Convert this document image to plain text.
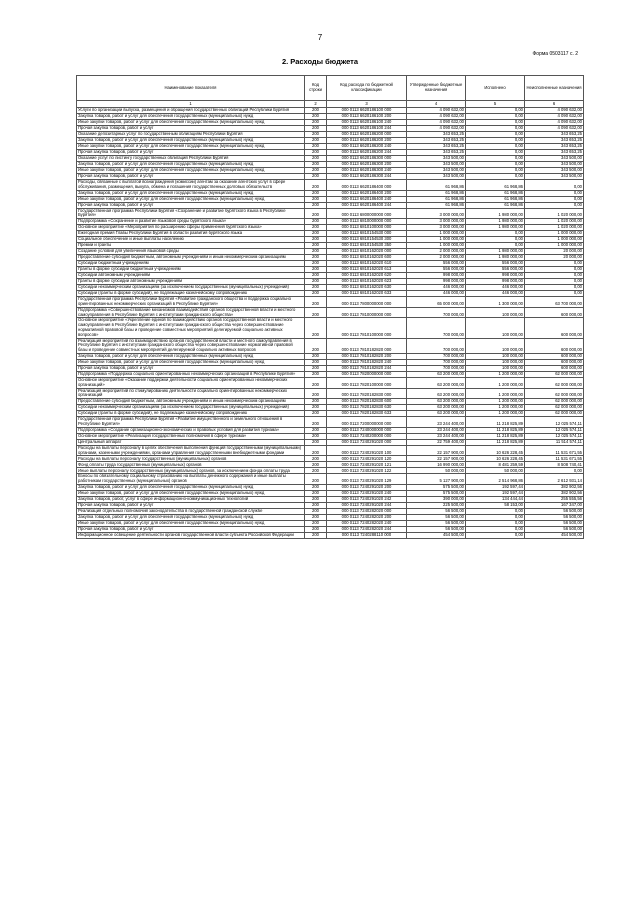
7
Форма 0503117 с. 2
2. Расходы бюджета
Наименование показателя	Код строки	Код расхода по бюджетной классификации	Утвержденные бюджетные назначения	Исполнено	Неисполненные назначения
1	2	3	4	5	6
Услуги по организации выпуска, размещения и обращения государственных облигаций Республики Бурятия	200	000 0113 6620186100 000	4 090 632,00	0,00	4 090 632,00
Закупка товаров, работ и услуг для обеспечения государственных (муниципальных) нужд	200	000 0113 6620186100 200	4 090 632,00	0,00	4 090 632,00
Иные закупки товаров, работ и услуг для обеспечения государственных (муниципальных) нужд	200	000 0113 6620186100 240	4 090 632,00	0,00	4 090 632,00
Прочая закупка товаров, работ и услуг	200	000 0113 6620186100 244	4 090 632,00	0,00	4 090 632,00
Оказание депозитарных услуг по государственным облигациям Республики Бурятия	200	000 0113 6620186200 000	343 653,25	0,00	343 653,25
Закупка товаров, работ и услуг для обеспечения государственных (муниципальных) нужд	200	000 0113 6620186200 200	343 653,25	0,00	343 653,25
Иные закупки товаров, работ и услуг для обеспечения государственных (муниципальных) нужд	200	000 0113 6620186200 240	343 653,25	0,00	343 653,25
Прочая закупка товаров, работ и услуг	200	000 0113 6620186200 244	343 653,25	0,00	343 653,25
Оказание услуг по листингу государственных облигаций Республики Бурятия	200	000 0113 6620186300 000	343 500,00	0,00	343 500,00
Закупка товаров, работ и услуг для обеспечения государственных (муниципальных) нужд	200	000 0113 6620186300 200	343 500,00	0,00	343 500,00
Иные закупки товаров, работ и услуг для обеспечения государственных (муниципальных) нужд	200	000 0113 6620186300 240	343 500,00	0,00	343 500,00
Прочая закупка товаров, работ и услуг	200	000 0113 6620186300 244	343 500,00	0,00	343 500,00
Расходы, связанные с выплатой вознаграждения (комиссии) агентам за оказание агентских услуг в сфере обслуживания, размещения, выкупа, обмена и погашения государственных долговых обязательств	200	000 0113 6620186400 000	61 968,86	61 968,86	0,00
Закупка товаров, работ и услуг для обеспечения государственных (муниципальных) нужд	200	000 0113 6620186400 200	61 968,86	61 968,86	0,00
Иные закупки товаров, работ и услуг для обеспечения государственных (муниципальных) нужд	200	000 0113 6620186400 240	61 968,86	61 968,86	0,00
Прочая закупка товаров, работ и услуг	200	000 0113 6620186400 244	61 968,86	61 968,86	0,00
Государственная программа Республики Бурятия «Сохранение и развитие бурятского языка в Республике Бурятия»	200	000 0113 6800000000 000	3 000 000,00	1 980 000,00	1 020 000,00
Подпрограмма «Сохранение и развитие языковой среды бурятского языка»	200	000 0113 6810000000 000	3 000 000,00	1 980 000,00	1 020 000,00
Основное мероприятие «Мероприятия по расширению сферы применения бурятского языка»	200	000 0113 6810100000 000	3 000 000,00	1 980 000,00	1 020 000,00
Ежегодная премия Главы Республики Бурятия в области развития бурятского языка	200	000 0113 6810154530 000	1 000 000,00	0,00	1 000 000,00
Социальное обеспечение и иные выплаты населению	200	000 0113 6810154530 300	1 000 000,00	0,00	1 000 000,00
Премии и гранты	200	000 0113 6810154530 350	1 000 000,00	0,00	1 000 000,00
Создание условий для увеличения языковой среды	200	000 0113 6810162020 000	2 000 000,00	1 980 000,00	20 000,00
Предоставление субсидий бюджетным, автономным учреждениям и иным некоммерческим организациям	200	000 0113 6810162020 600	2 000 000,00	1 980 000,00	20 000,00
Субсидии бюджетным учреждениям	200	000 0113 6810162020 610	556 000,00	556 000,00	0,00
Гранты в форме субсидии бюджетным учреждениям	200	000 0113 6810162020 613	556 000,00	556 000,00	0,00
Субсидии автономным учреждениям	200	000 0113 6810162020 620	998 000,00	998 000,00	0,00
Гранты в форме субсидии автономным учреждениям	200	000 0113 6810162020 623	998 000,00	998 000,00	0,00
Субсидии некоммерческим организациям (за исключением государственных (муниципальных) учреждений)	200	000 0113 6810162020 630	446 000,00	446 000,00	0,00
Субсидии (гранты в форме субсидий), не подлежащие казначейскому сопровождению	200	000 0113 6810162020 633	446 000,00	446 000,00	0,00
Государственная программа Республики Бурятия «Развитие гражданского общества и поддержка социально ориентированных некоммерческих организаций в Республике Бурятия»	200	000 0113 7800000000 000	65 000 000,00	1 300 000,00	63 700 000,00
Подпрограмма «Совершенствование механизмов взаимодействия органов государственной власти и местного самоуправления в Республике Бурятия с институтами гражданского общества»	200	000 0113 7810000000 000	700 000,00	100 000,00	600 000,00
Основное мероприятие «Укрепление единой по взаимодействию органов государственной власти и местного самоуправления в Республике Бурятия с институтами гражданского общества через совершенствование нормативной правовой базы и проведение совместных мероприятий делегируемой социально активных вопросов»	200	000 0113 7810100000 000	700 000,00	100 000,00	600 000,00
Реализация мероприятий по взаимодействию органов государственной власти и местного самоуправления в Республике Бурятия с институтами гражданского общества через совершенствование нормативной правовой базы и проведение совместных мероприятий делегируемой социально активных вопросов	200	000 0113 7810182820 000	700 000,00	100 000,00	600 000,00
Закупка товаров, работ и услуг для обеспечения государственных (муниципальных) нужд	200	000 0113 7810182820 200	700 000,00	100 000,00	600 000,00
Иные закупки товаров, работ и услуг для обеспечения государственных (муниципальных) нужд	200	000 0113 7810182820 240	700 000,00	100 000,00	600 000,00
Прочая закупка товаров, работ и услуг	200	000 0113 7810182820 244	700 000,00	100 000,00	600 000,00
Подпрограмма «Поддержка социально ориентированных некоммерческих организаций в Республике Бурятия»	200	000 0113 7820000000 000	63 200 000,00	1 200 000,00	62 000 000,00
Основное мероприятие «Оказание поддержки деятельности социально ориентированных некоммерческих организаций»	200	000 0113 7820100000 000	63 200 000,00	1 200 000,00	62 000 000,00
Реализация мероприятий по стимулированию деятельности социально ориентированных некоммерческих организаций	200	000 0113 7820182830 000	63 200 000,00	1 200 000,00	62 000 000,00
Предоставление субсидий бюджетным, автономным учреждениям и иным некоммерческим организациям	200	000 0113 7820182830 600	63 200 000,00	1 200 000,00	62 000 000,00
Субсидии некоммерческим организациям (за исключением государственных (муниципальных) учреждений)	200	000 0113 7820182830 630	63 200 000,00	1 200 000,00	62 000 000,00
Субсидии (гранты в форме субсидий), не подлежащие казначейскому сопровождению	200	000 0113 7820182830 633	63 200 000,00	1 200 000,00	62 000 000,00
Государственная программа Республики Бурятия «Развитие имущественного и земельного отношений в Республике Бурятия»	200	000 0113 7200000000 000	23 244 400,00	11 218 825,89	12 025 574,11
Подпрограмма «Создание организационно-экономических и правовых условий для развития туризма»	200	000 0113 7240000000 000	23 244 400,00	11 218 825,89	12 025 574,11
Основное мероприятие «Реализация государственных полномочий в сфере туризма»	200	000 0113 7240200000 000	23 244 400,00	11 218 825,89	12 025 574,11
Центральный аппарат	200	000 0113 7240291020 000	22 759 400,00	11 218 825,89	11 514 574,11
Расходы на выплаты персоналу в целях обеспечения выполнения функций государственными (муниципальными) органами, казенными учреждениями, органами управления государственными внебюджетными фондами	200	000 0113 7240291020 100	22 157 900,00	10 626 228,45	11 531 671,55
Расходы на выплаты персоналу государственных (муниципальных) органов	200	000 0113 7240291020 120	22 157 900,00	10 626 228,45	11 531 671,55
Фонд оплаты труда государственных (муниципальных) органов	200	000 0113 7240291020 121	16 990 000,00	8 481 259,59	8 508 740,41
Иные выплаты персоналу государственных (муниципальных) органов, за исключением фонда оплаты труда	200	000 0113 7240291020 122	50 000,00	50 000,00	0,00
Взносы по обязательному социальному страхованию на выплаты денежного содержания и иные выплаты работникам государственных (муниципальных) органов	200	000 0113 7240291020 129	5 127 900,00	2 514 968,86	2 612 931,14
Закупка товаров, работ и услуг для обеспечения государственных (муниципальных) нужд	200	000 0113 7240291020 200	575 500,00	192 597,44	382 902,56
Иные закупки товаров, работ и услуг для обеспечения государственных (муниципальных) нужд	200	000 0113 7240291020 240	575 500,00	192 597,44	382 902,56
Закупка товаров, работ, услуг в сфере информационно-коммуникационных технологий	200	000 0113 7240291020 242	390 000,00	134 444,44	255 555,56
Прочая закупка товаров, работ и услуг	200	000 0113 7240291020 244	225 500,00	58 153,00	167 347,00
Реализация отдельных полномочий законодательства в государственной гражданской службе	200	000 0113 7240282020 000	56 500,00	0,00	56 500,00
Закупка товаров, работ и услуг для обеспечения государственных (муниципальных) нужд	200	000 0113 7240282020 200	56 500,00	0,00	56 500,00
Иные закупки товаров, работ и услуг для обеспечения государственных (муниципальных) нужд	200	000 0113 7240282020 240	56 500,00	0,00	56 500,00
Прочая закупка товаров, работ и услуг	200	000 0113 7240282020 244	56 500,00	0,00	56 500,00
Информационное освещение деятельности органов государственной власти субъекта Российской Федерации	200	000 0113 7240288110 000	454 500,00	0,00	454 500,00
